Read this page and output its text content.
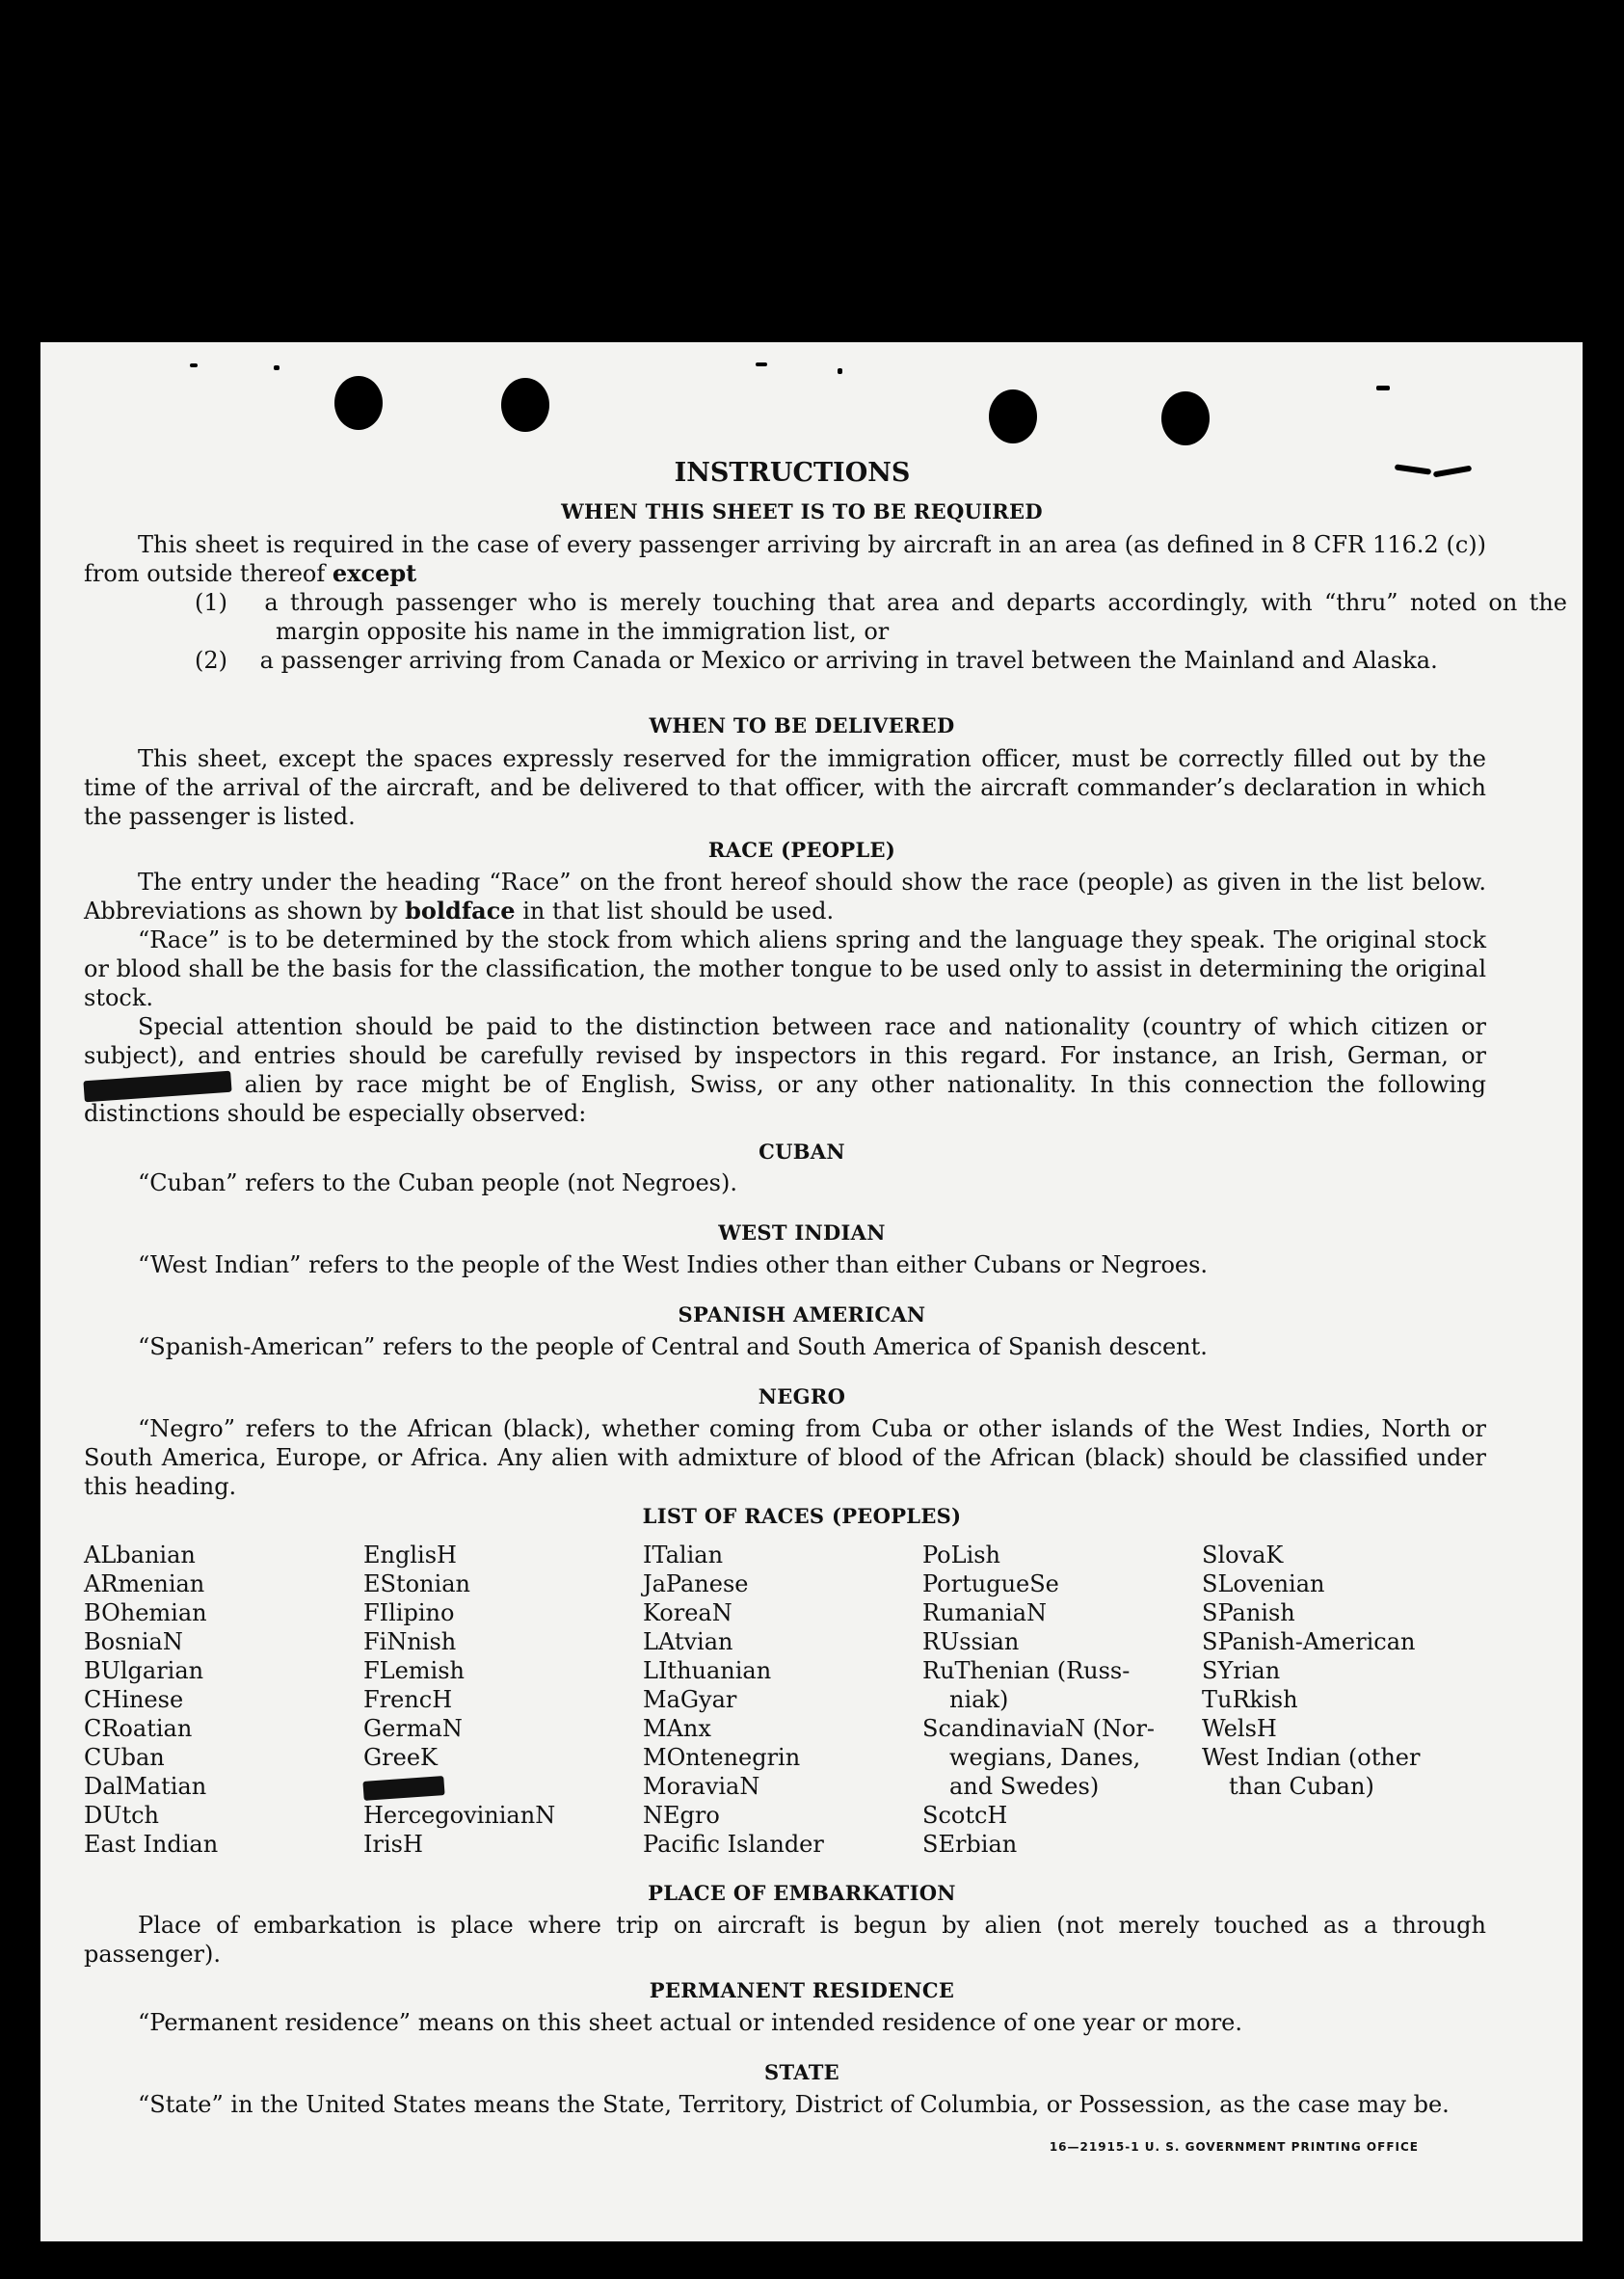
INSTRUCTIONS
WHEN THIS SHEET IS TO BE REQUIRED
This sheet is required in the case of every passenger arriving by aircraft in an area (as defined in 8 CFR 116.2 (c)) from outside thereof except
(1) a through passenger who is merely touching that area and departs accordingly, with “thru” noted on the margin opposite his name in the immigration list, or
(2) a passenger arriving from Canada or Mexico or arriving in travel between the Mainland and Alaska.
WHEN TO BE DELIVERED
This sheet, except the spaces expressly reserved for the immigration officer, must be correctly filled out by the time of the arrival of the aircraft, and be delivered to that officer, with the aircraft commander’s declaration in which the passenger is listed.
RACE (PEOPLE)
The entry under the heading “Race” on the front hereof should show the race (people) as given in the list below. Abbreviations as shown by boldface in that list should be used.
“Race” is to be determined by the stock from which aliens spring and the language they speak. The original stock or blood shall be the basis for the classification, the mother tongue to be used only to assist in determining the original stock.
Special attention should be paid to the distinction between race and nationality (country of which citizen or subject), and entries should be carefully revised by inspectors in this regard. For instance, an Irish, German, or  alien by race might be of English, Swiss, or any other nationality. In this connection the following distinctions should be especially observed:
CUBAN
“Cuban” refers to the Cuban people (not Negroes).
WEST INDIAN
“West Indian” refers to the people of the West Indies other than either Cubans or Negroes.
SPANISH AMERICAN
“Spanish-American” refers to the people of Central and South America of Spanish descent.
NEGRO
“Negro” refers to the African (black), whether coming from Cuba or other islands of the West Indies, North or South America, Europe, or Africa. Any alien with admixture of blood of the African (black) should be classified under this heading.
LIST OF RACES (PEOPLES)
ALbanian
ARmenian
BOhemian
BosniaN
BUlgarian
CHinese
CRoatian
CUban
DalMatian
DUtch
East Indian
EnglisH
EStonian
FIlipino
FiNnish
FLemish
FrencH
GermaN
GreeK
HercegovinianN
IrisH
ITalian
JaPanese
KoreaN
LAtvian
LIthuanian
MaGyar
MAnx
MOntenegrin
MoraviaN
NEgro
Pacific Islander
PoLish
PortugueSe
RumaniaN
RUssian
RuThenian (Russ-
niak)
ScandinaviaN (Nor-
wegians, Danes,
and Swedes)
ScotcH
SErbian
SlovaK
SLovenian
SPanish
SPanish-American
SYrian
TuRkish
WelsH
West Indian (other
than Cuban)
PLACE OF EMBARKATION
Place of embarkation is place where trip on aircraft is begun by alien (not merely touched as a through passenger).
PERMANENT RESIDENCE
“Permanent residence” means on this sheet actual or intended residence of one year or more.
STATE
“State” in the United States means the State, Territory, District of Columbia, or Possession, as the case may be.
16—21915-1 U. S. GOVERNMENT PRINTING OFFICE
